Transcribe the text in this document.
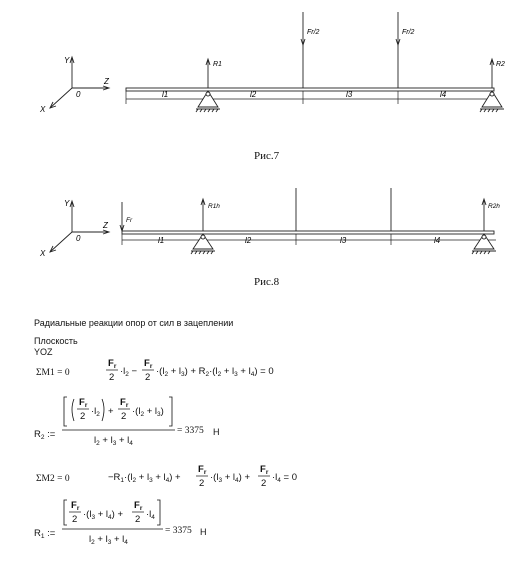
Y
Z
X
0	l1	l2	l3	l4
R1	R2
Fr/2	Fr/2
Рис.7
Y
Z
X
0	l1	l2	l3	l4
R1h	R2h
Fr
Рис.8
Радиальные реакции опор от сил в зацеплении
Плоскость
YOZ
ΣM1 = 0
$F_r$
2
$\cdot l_2$ −
$F_r$
2
$\cdot(l_2 + l_3) + R_2\cdot(l_2 + l_3 + l_4) = 0$
$R_2$ :=
$F_r$
$2 \cdot l_2$ +
$F_r$
$2 \cdot(l_2 + l_3)$
$l_2 + l_3 + l_4$
= 3375 H
ΣM2 = 0	$-R_1\cdot(l_2 + l_3 + l_4)$ +
$F_r$
2
$\cdot(l_3 + l_4)$ +
$F_r$
2
$\cdot l_4 = 0$
$R_1$ :=
$F_r$
$2 \cdot(l_3 + l_4)$ +
$F_r$
$2 \cdot l_4$
$l_2 + l_3 + l_4$
= 3375 H
